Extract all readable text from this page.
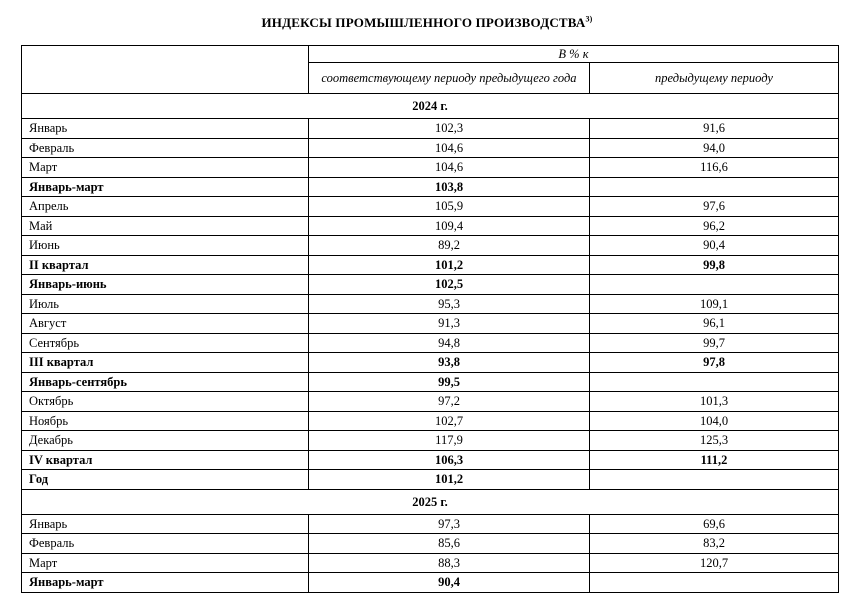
ИНДЕКСЫ ПРОМЫШЛЕННОГО ПРОИЗВОДСТВА$^{3)}$
	В % к	
	соответствующему периоду предыдущего года	предыдущему периоду
2024 г.		
Январь	102,3	91,6
Февраль	104,6	94,0
Март	104,6	116,6
Январь-март	103,8	
Апрель	105,9	97,6
Май	109,4	96,2
Июнь	89,2	90,4
II квартал	101,2	99,8
Январь-июнь	102,5	
Июль	95,3	109,1
Август	91,3	96,1
Сентябрь	94,8	99,7
III квартал	93,8	97,8
Январь-сентябрь	99,5	
Октябрь	97,2	101,3
Ноябрь	102,7	104,0
Декабрь	117,9	125,3
IV квартал	106,3	111,2
Год	101,2	
2025 г.		
Январь	97,3	69,6
Февраль	85,6	83,2
Март	88,3	120,7
Январь-март	90,4	
